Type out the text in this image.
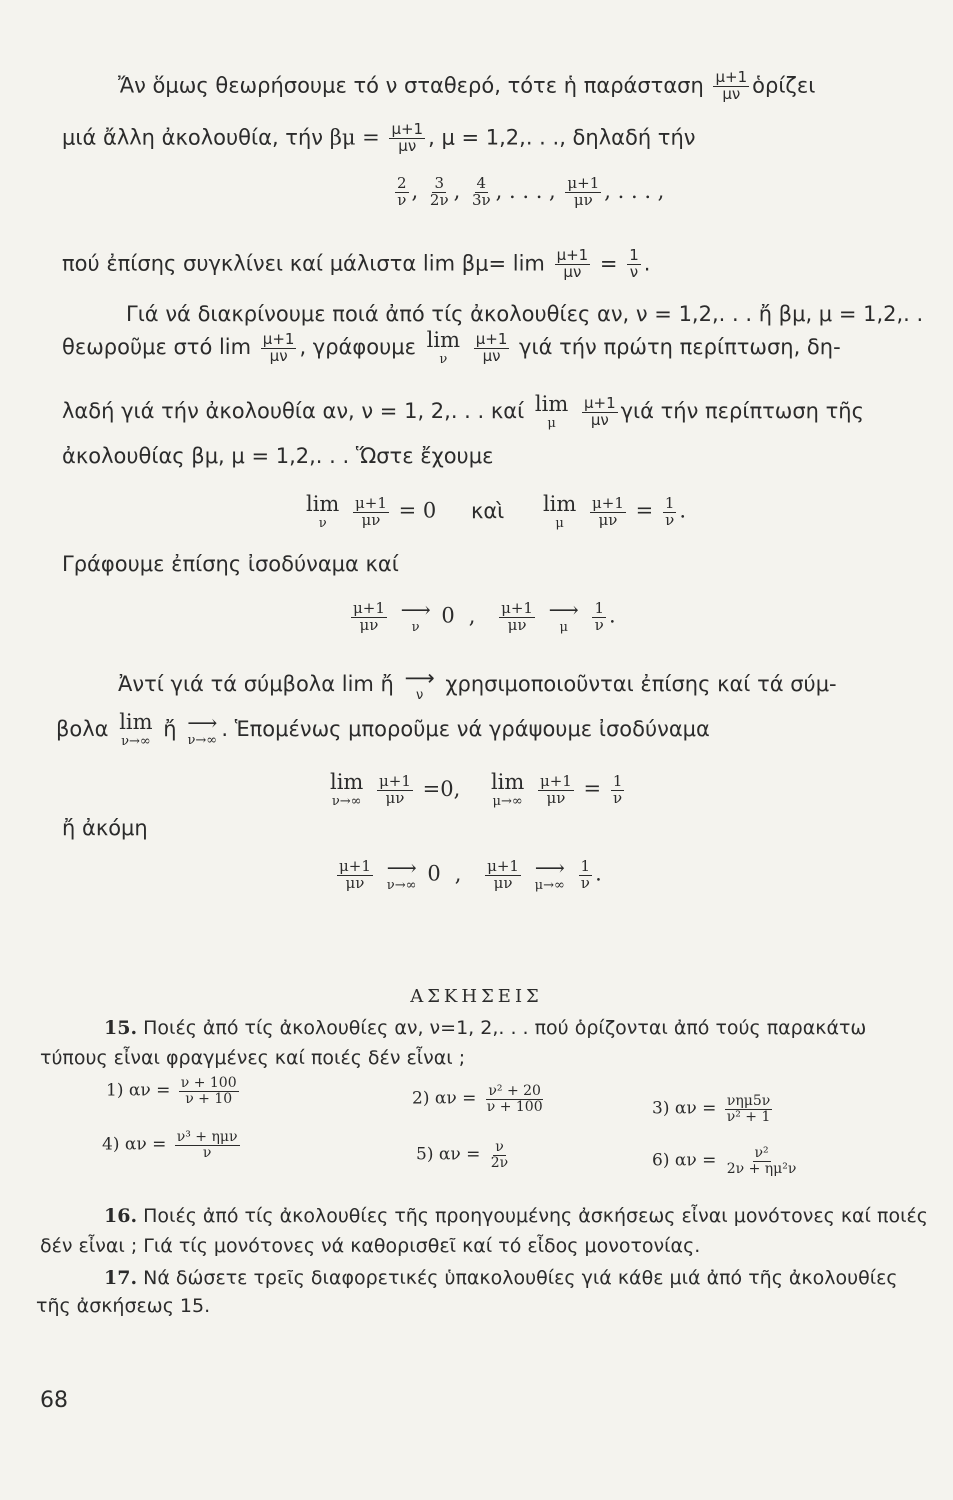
Ἄν ὅμως θεωρήσουμε τό ν σταθερό, τότε ἡ παράσταση $\frac{\mu+1}{\mu\nu}$ ὁρίζει
μιά ἄλλη ἀκολουθία, τήν $\beta\mu = \frac{\mu+1}{\mu\nu}$ , μ = 1,2,. . ., δηλαδή τήν
$\frac{2}{\nu}$ , $\frac{3}{2\nu}$ , $\frac{4}{3\nu}$ , . . . , $\frac{\mu+1}{\mu\nu}$ , . . . ,
πού ἐπίσης συγκλίνει καί μάλιστα $\lim \beta\mu= \lim \frac{\mu+1}{\mu\nu} = \frac{1}{\nu}$ .
Γιά νά διακρίνουμε ποιά ἀπό τίς ἀκολουθίες αν, ν = 1,2,. . . ἤ βμ, μ = 1,2,. .
θεωροῦμε στό $\lim \frac{\mu+1}{\mu\nu}$ , γράφουμε lim
ν
$\frac{\mu+1}{\mu\nu}$ γιά τήν πρώτη περίπτωση, δη-
λαδή γιά τήν ἀκολουθία αν, ν = 1, 2,. . . καί lim
μ
$\frac{\mu+1}{\mu\nu}$ γιά τήν περίπτωση τῆς
ἀκολουθίας βμ, μ = 1,2,. . . Ὥστε ἔχουμε
lim
ν
$\frac{\mu+1}{\mu\nu} = 0$ καὶ lim
μ
$\frac{\mu+1}{\mu\nu} = \frac{1}{\nu}$ .
Γράφουμε ἐπίσης ἰσοδύναμα καί
$\frac{\mu+1}{\mu\nu}$
⟶
ν 0 , $\frac{\mu+1}{\mu\nu}$
⟶
μ
$\frac{1}{\nu}$ .
Ἀντί γιά τά σύμβολα lim ἤ ⟶
ν χρησιμοποιοῦνται ἐπίσης καί τά σύμ-
βολα lim
ν→∞
ἤ ⟶
ν→∞ . Ἑπομένως μποροῦμε νά γράψουμε ἰσοδύναμα
lim
ν→∞
$\frac{\mu+1}{\mu\nu} =0$, lim
μ→∞
$\frac{\mu+1}{\mu\nu} = \frac{1}{\nu}$
ἤ ἀκόμη
$\frac{\mu+1}{\mu\nu}$
⟶
ν→∞ 0 , $\frac{\mu+1}{\mu\nu}$
⟶
μ→∞
$\frac{1}{\nu}$ .
ΑΣΚΗΣΕΙΣ
15. Ποιές ἀπό τίς ἀκολουθίες αν, ν=1, 2,. . . πού ὁρίζονται ἀπό τούς παρακάτω
τύπους εἶναι φραγμένες καί ποιές δέν εἶναι ;
1) $\alpha\nu = \frac{\nu + 100}{\nu + 10}$	2) $\alpha\nu = \frac{\text{ν² + 20}}{\nu + 100}$	3) $\alpha\nu = \frac{\text{νημ5ν}}{\text{ν² + 1}}$
4) $\alpha\nu = \frac{\text{ν³ + ημν}}{\nu}$	5) $\alpha\nu = \frac{\nu}{2\nu}$	6) $\alpha\nu = \frac{\text{ν²}}{\text{2ν + ημ²ν}}$
16. Ποιές ἀπό τίς ἀκολουθίες τῆς προηγουμένης ἀσκήσεως εἶναι μονότονες καί ποιές
δέν εἶναι ; Γιά τίς μονότονες νά καθορισθεῖ καί τό εἶδος μονοτονίας.
17. Νά δώσετε τρεῖς διαφορετικές ὑπακολουθίες γιά κάθε μιά ἀπό τῆς ἀκολουθίες
τῆς ἀσκήσεως 15.
68
